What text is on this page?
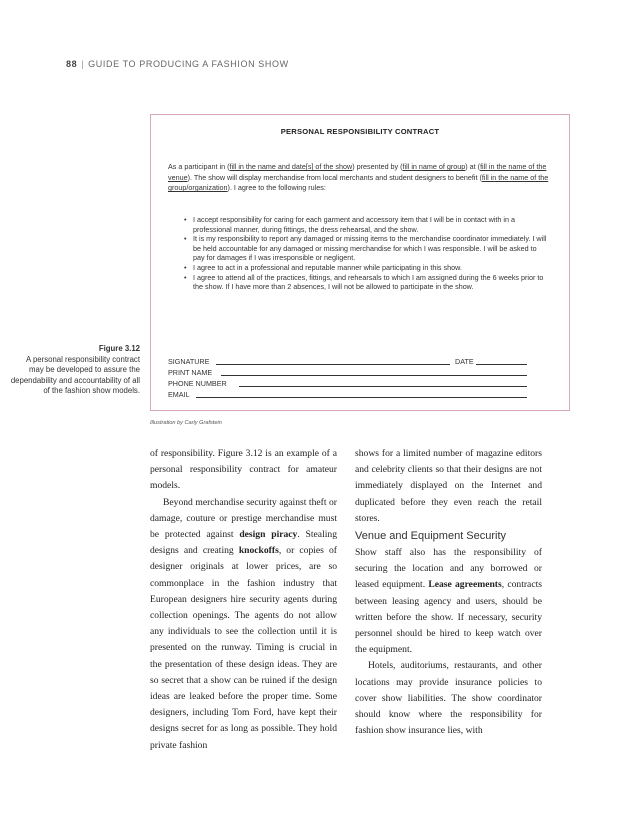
88 | GUIDE TO PRODUCING A FASHION SHOW
PERSONAL RESPONSIBILITY CONTRACT
As a participant in (fill in the name and date[s] of the show) presented by (fill in name of group) at (fill in the name of the venue). The show will display merchandise from local merchants and student designers to benefit (fill in the name of the group/organization). I agree to the following rules:
• I accept responsibility for caring for each garment and accessory item that I will be in contact with in a professional manner, during fittings, the dress rehearsal, and the show.
• It is my responsibility to report any damaged or missing items to the merchandise coordinator immediately. I will be held accountable for any damaged or missing merchandise for which I was responsible. I will be asked to pay for damages if I was irresponsible or negligent.
• I agree to act in a professional and reputable manner while participating in this show.
• I agree to attend all of the practices, fittings, and rehearsals to which I am assigned during the 6 weeks prior to the show. If I have more than 2 absences, I will not be allowed to participate in the show.
SIGNATURE	DATE
PRINT NAME
PHONE NUMBER
EMAIL
Illustration by Carly Grafstein
Figure 3.12
A personal responsibility contract may be developed to assure the dependability and accountability of all of the fashion show models.

of responsibility. Figure 3.12 is an example of a personal responsibility contract for amateur models.

Beyond merchandise security against theft or damage, couture or prestige merchandise must be protected against design piracy. Stealing designs and creating knockoffs, or copies of designer originals at lower prices, are so commonplace in the fashion industry that European designers hire security agents during collection openings. The agents do not allow any individuals to see the collection until it is presented on the runway. Timing is crucial in the presentation of these design ideas. They are so secret that a show can be ruined if the design ideas are leaked before the proper time. Some designers, including Tom Ford, have kept their designs secret for as long as possible. They hold private fashion

shows for a limited number of magazine editors and celebrity clients so that their designs are not immediately displayed on the Internet and duplicated before they even reach the retail stores.

Venue and Equipment Security

Show staff also has the responsibility of securing the location and any borrowed or leased equipment. Lease agreements, contracts between leasing agency and users, should be written before the show. If necessary, security personnel should be hired to keep watch over the equipment.

Hotels, auditoriums, restaurants, and other locations may provide insurance policies to cover show liabilities. The show coordinator should know where the responsibility for fashion show insurance lies, with
